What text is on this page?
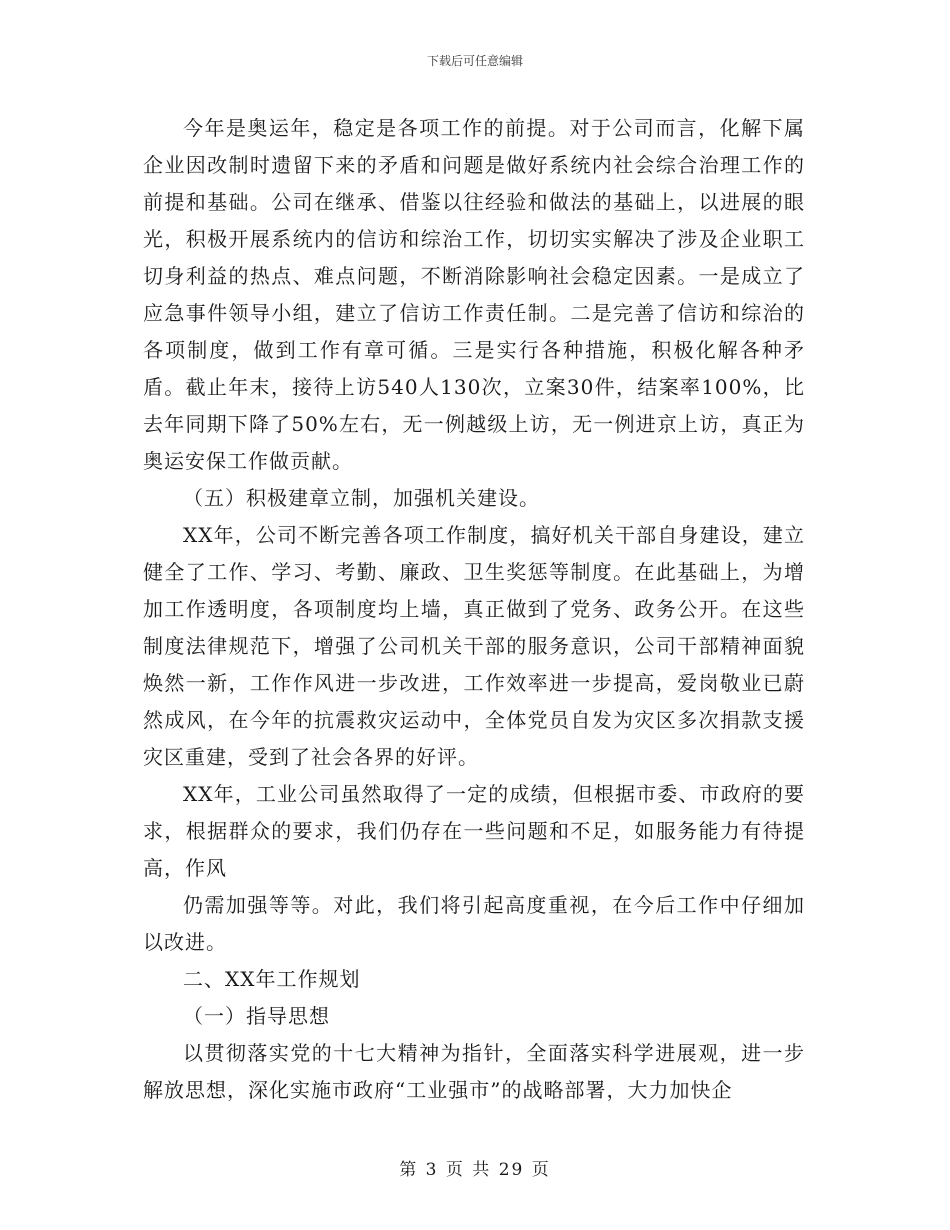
下载后可任意编辑

今年是奥运年，稳定是各项工作的前提。对于公司而言，化解下属企业因改制时遗留下来的矛盾和问题是做好系统内社会综合治理工作的前提和基础。公司在继承、借鉴以往经验和做法的基础上，以进展的眼光，积极开展系统内的信访和综治工作，切切实实解决了涉及企业职工切身利益的热点、难点问题，不断消除影响社会稳定因素。一是成立了应急事件领导小组，建立了信访工作责任制。二是完善了信访和综治的各项制度，做到工作有章可循。三是实行各种措施，积极化解各种矛盾。截止年末，接待上访540人130次，立案30件，结案率100%，比去年同期下降了50%左右，无一例越级上访，无一例进京上访，真正为奥运安保工作做贡献。

（五）积极建章立制，加强机关建设。

XX年，公司不断完善各项工作制度，搞好机关干部自身建设，建立健全了工作、学习、考勤、廉政、卫生奖惩等制度。在此基础上，为增加工作透明度，各项制度均上墙，真正做到了党务、政务公开。在这些制度法律规范下，增强了公司机关干部的服务意识，公司干部精神面貌焕然一新，工作作风进一步改进，工作效率进一步提高，爱岗敬业已蔚然成风，在今年的抗震救灾运动中，全体党员自发为灾区多次捐款支援灾区重建，受到了社会各界的好评。

XX年，工业公司虽然取得了一定的成绩，但根据市委、市政府的要求，根据群众的要求，我们仍存在一些问题和不足，如服务能力有待提高，作风

仍需加强等等。对此，我们将引起高度重视，在今后工作中仔细加以改进。

二、XX年工作规划

（一）指导思想

以贯彻落实党的十七大精神为指针，全面落实科学进展观，进一步解放思想，深化实施市政府“工业强市”的战略部署，大力加快企

第 3 页 共 29 页
